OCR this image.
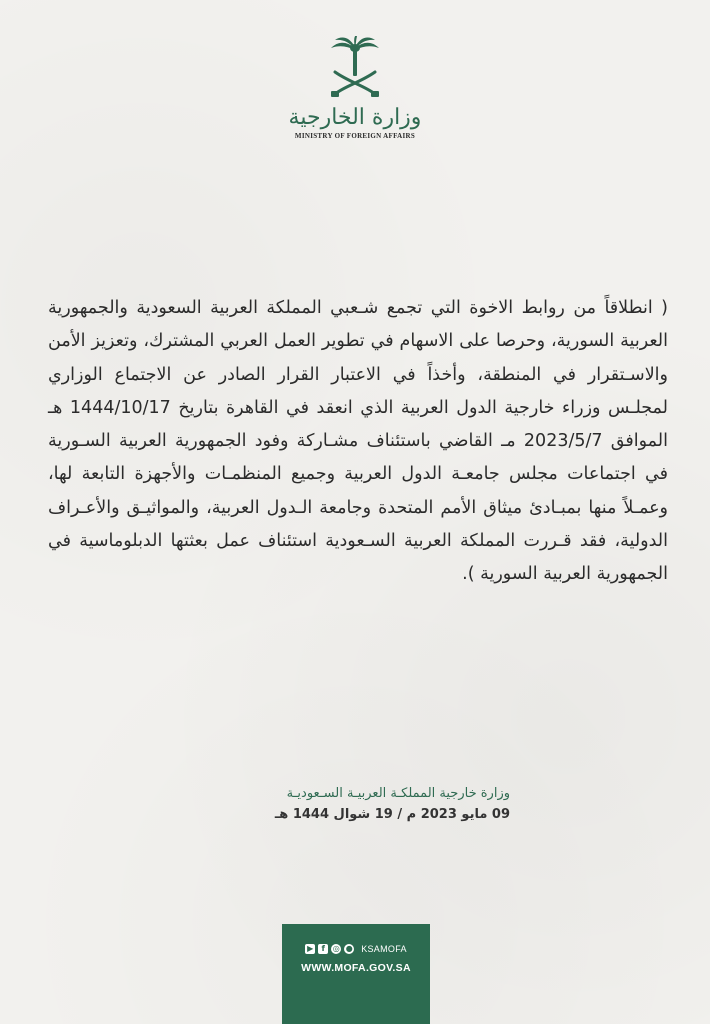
وزارة الخارجية
MINISTRY OF FOREIGN AFFAIRS
( انطلاقاً من روابط الاخوة التي تجمع شـعبي المملكة العربية السعودية والجمهورية العربية السورية، وحرصا على الاسهام في تطوير العمل العربي المشترك، وتعزيز الأمن والاسـتقرار في المنطقة، وأخذاً في الاعتبار القرار الصادر عن الاجتماع الوزاري لمجلـس وزراء خارجية الدول العربية الذي انعقد في القاهرة بتاريخ 1444/10/17 هـ الموافق 2023/5/7 مـ القاضي باستئناف مشـاركة وفود الجمهورية العربية السـورية في اجتماعات مجلس جامعـة الدول العربية وجميع المنظمـات والأجهزة التابعة لها، وعمـلاً منها بمبـادئ ميثاق الأمم المتحدة وجامعة الـدول العربية، والمواثيـق والأعـراف الدولية، فقد قـررت المملكة العربية السـعودية استئناف عمل بعثتها الدبلوماسية في الجمهورية العربية السورية ).
وزارة خارجية المملكـة العربيـة السـعوديـة
09 مايو 2023 م / 19 شوال 1444 هـ
▶	f ◎ ● KSAMOFA
WWW.MOFA.GOV.SA
